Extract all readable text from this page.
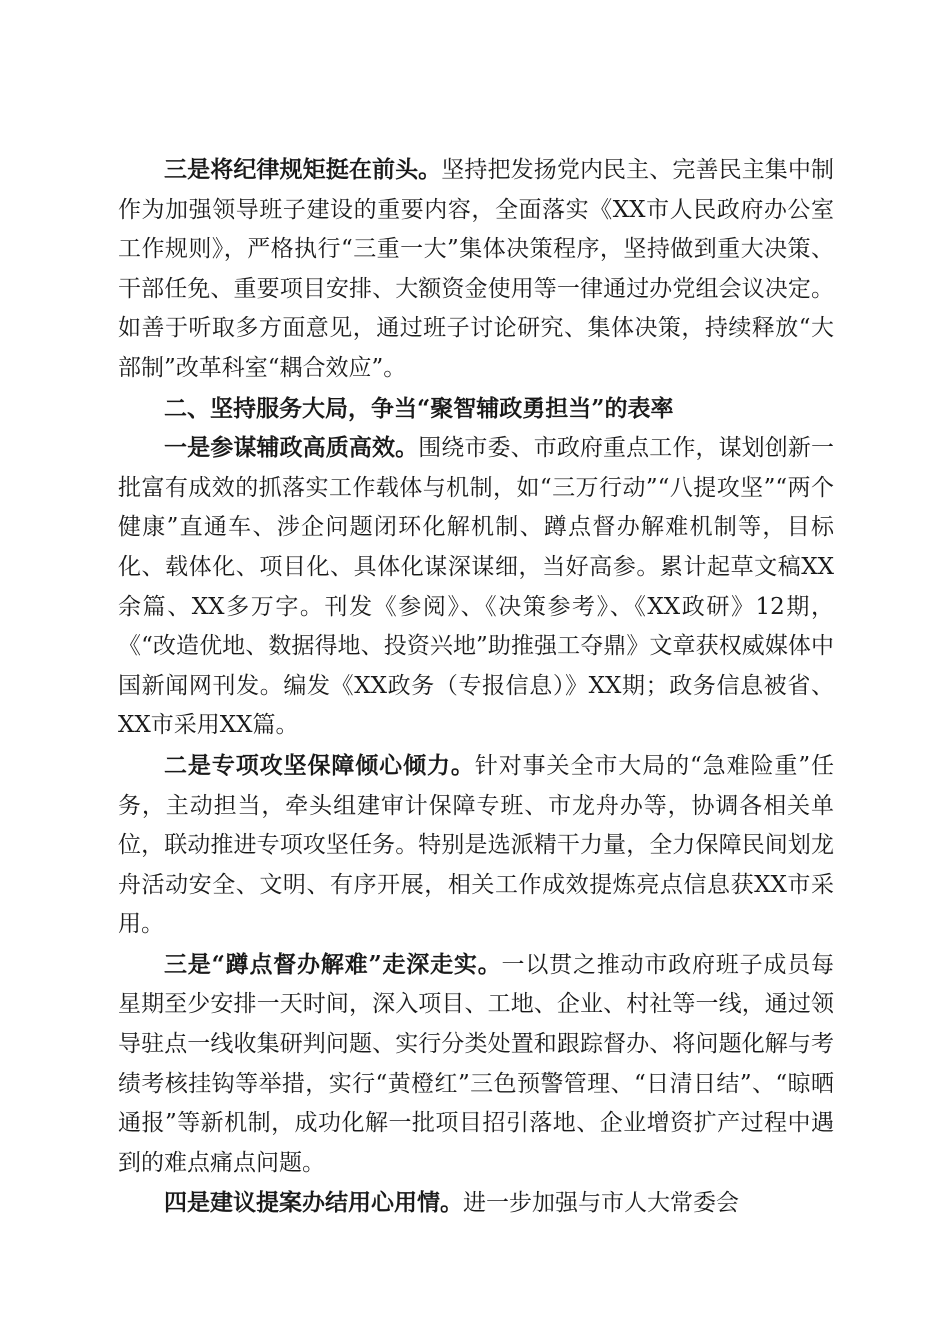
三是将纪律规矩挺在前头。坚持把发扬党内民主、完善民主集中制作为加强领导班子建设的重要内容，全面落实《XX市人民政府办公室工作规则》，严格执行“三重一大”集体决策程序，坚持做到重大决策、干部任免、重要项目安排、大额资金使用等一律通过办党组会议决定。如善于听取多方面意见，通过班子讨论研究、集体决策，持续释放“大部制”改革科室“耦合效应”。

二、坚持服务大局，争当“聚智辅政勇担当”的表率

一是参谋辅政高质高效。围绕市委、市政府重点工作，谋划创新一批富有成效的抓落实工作载体与机制，如“三万行动”“八提攻坚”“两个健康”直通车、涉企问题闭环化解机制、蹲点督办解难机制等，目标化、载体化、项目化、具体化谋深谋细，当好高参。累计起草文稿XX余篇、XX多万字。刊发《参阅》、《决策参考》、《XX政研》12期，《“改造优地、数据得地、投资兴地”助推强工夺鼎》文章获权威媒体中国新闻网刊发。编发《XX政务（专报信息）》XX期；政务信息被省、XX市采用XX篇。

二是专项攻坚保障倾心倾力。针对事关全市大局的“急难险重”任务，主动担当，牵头组建审计保障专班、市龙舟办等，协调各相关单位，联动推进专项攻坚任务。特别是选派精干力量，全力保障民间划龙舟活动安全、文明、有序开展，相关工作成效提炼亮点信息获XX市采用。

三是“蹲点督办解难”走深走实。一以贯之推动市政府班子成员每星期至少安排一天时间，深入项目、工地、企业、村社等一线，通过领导驻点一线收集研判问题、实行分类处置和跟踪督办、将问题化解与考绩考核挂钩等举措，实行“黄橙红”三色预警管理、“日清日结”、“晾晒通报”等新机制，成功化解一批项目招引落地、企业增资扩产过程中遇到的难点痛点问题。

四是建议提案办结用心用情。进一步加强与市人大常委会
